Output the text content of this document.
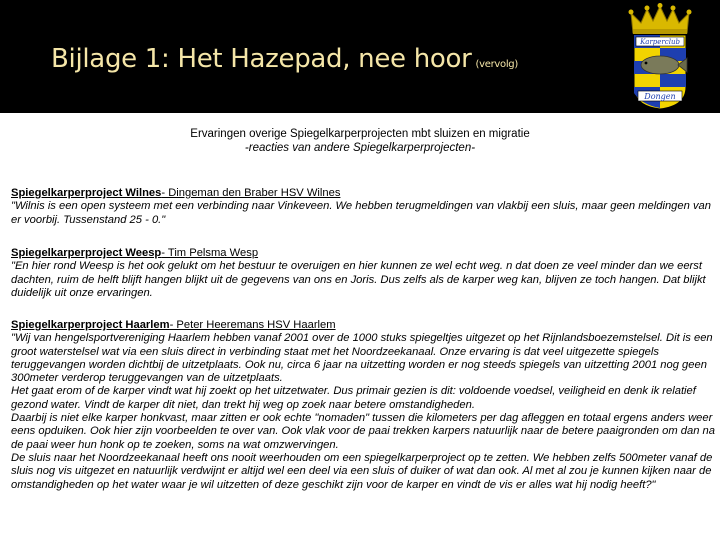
Bijlage 1: Het Hazepad, nee hoor (vervolg)
Karperclub
Dongen
Ervaringen overige Spiegelkarperprojecten mbt sluizen en migratie
-reacties van andere Spiegelkarperprojecten-
Spiegelkarperproject Wilnes- Dingeman den Braber HSV Wilnes
"Wilnis is een open systeem met een verbinding naar Vinkeveen. We hebben terugmeldingen van vlakbij een sluis, maar geen meldingen van er voorbij. Tussenstand 25 - 0."
Spiegelkarperproject Weesp- Tim Pelsma Wesp
"En hier rond Weesp is het ook gelukt om het bestuur te overuigen en hier kunnen ze wel echt weg. n dat doen ze veel minder dan we eerst dachten, ruim de helft blijft hangen blijkt uit de gegevens van ons en Joris. Dus zelfs als de karper weg kan, blijven ze toch hangen. Dat blijkt duidelijk uit onze ervaringen.
Spiegelkarperproject Haarlem- Peter Heeremans HSV Haarlem
"Wij van hengelsportvereniging Haarlem hebben vanaf 2001 over de 1000 stuks spiegeltjes uitgezet op het Rijnlandsboezemstelsel. Dit is een groot waterstelsel wat via een sluis direct in verbinding staat met het Noordzeekanaal. Onze ervaring is dat veel uitgezette spiegels teruggevangen worden dichtbij de uitzetplaats. Ook nu, circa 6 jaar na uitzetting worden er nog steeds spiegels van uitzetting 2001 nog geen 300meter verderop teruggevangen van de uitzetplaats.
Het gaat erom of de karper vindt wat hij zoekt op het uitzetwater. Dus primair gezien is dit: voldoende voedsel, veiligheid en denk ik relatief gezond water. Vindt de karper dit niet, dan trekt hij weg op zoek naar betere omstandigheden.
Daarbij is niet elke karper honkvast, maar zitten er ook echte "nomaden" tussen die kilometers per dag afleggen en totaal ergens anders weer eens opduiken. Ook hier zijn voorbeelden te over van. Ook vlak voor de paai trekken karpers natuurlijk naar de betere paaigronden om dan na de paai weer hun honk op te zoeken, soms na wat omzwervingen.
De sluis naar het Noordzeekanaal heeft ons nooit weerhouden om een spiegelkarperproject op te zetten. We hebben zelfs 500meter vanaf de sluis nog vis uitgezet en natuurlijk verdwijnt er altijd wel een deel via een sluis of duiker of wat dan ook. Al met al zou je kunnen kijken naar de omstandigheden op het water waar je wil uitzetten of deze geschikt zijn voor de karper en vindt de vis er alles wat hij nodig heeft?"
